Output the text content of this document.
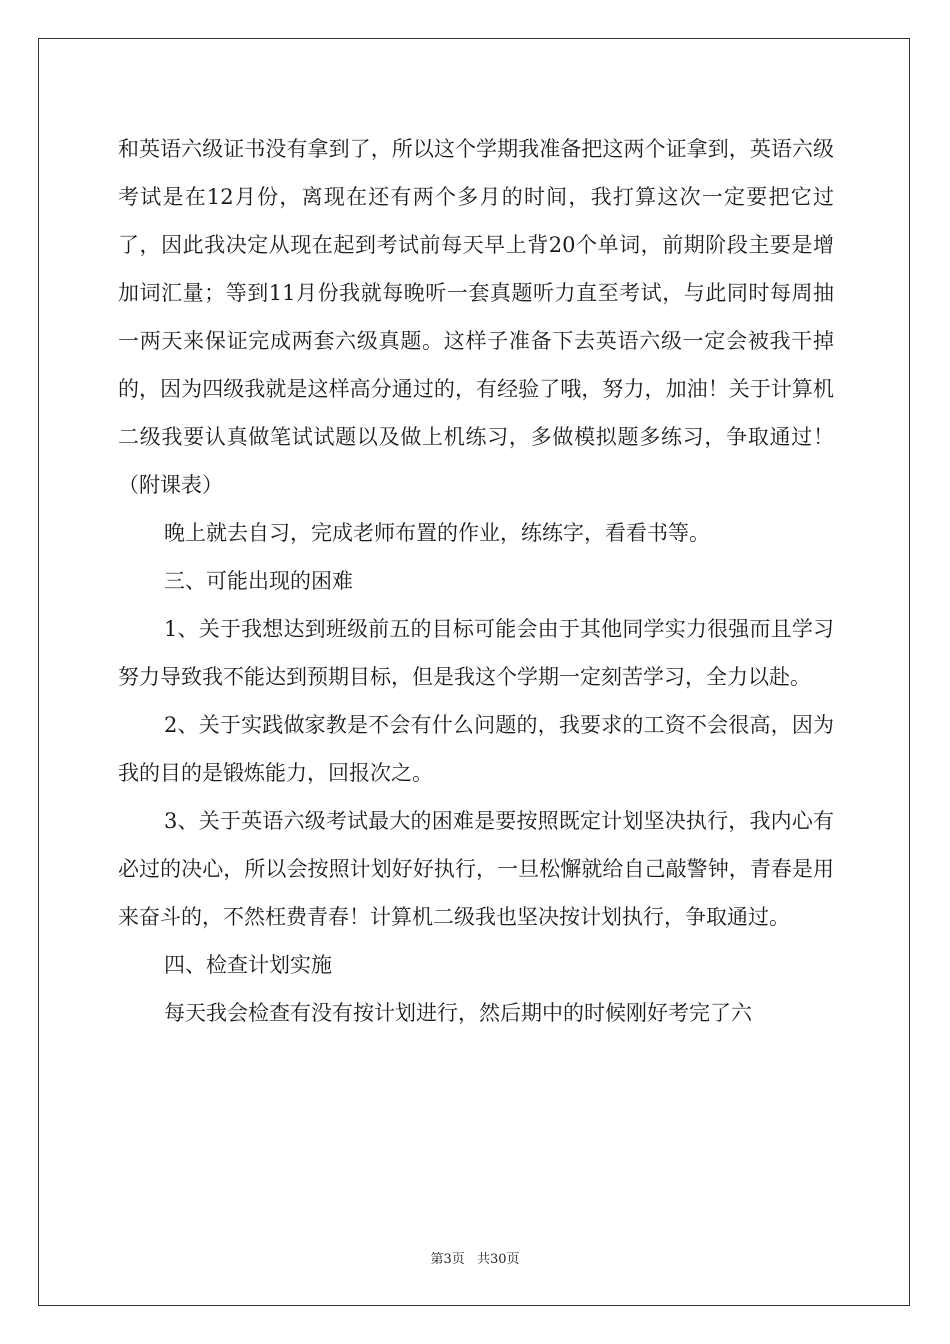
和英语六级证书没有拿到了，所以这个学期我准备把这两个证拿到，英语六级考试是在12月份，离现在还有两个多月的时间，我打算这次一定要把它过了，因此我决定从现在起到考试前每天早上背20个单词，前期阶段主要是增加词汇量；等到11月份我就每晚听一套真题听力直至考试，与此同时每周抽一两天来保证完成两套六级真题。这样子准备下去英语六级一定会被我干掉的，因为四级我就是这样高分通过的，有经验了哦，努力，加油！关于计算机二级我要认真做笔试试题以及做上机练习，多做模拟题多练习，争取通过！（附课表）

晚上就去自习，完成老师布置的作业，练练字，看看书等。

三、可能出现的困难

1、关于我想达到班级前五的目标可能会由于其他同学实力很强而且学习努力导致我不能达到预期目标，但是我这个学期一定刻苦学习，全力以赴。

2、关于实践做家教是不会有什么问题的，我要求的工资不会很高，因为我的目的是锻炼能力，回报次之。

3、关于英语六级考试最大的困难是要按照既定计划坚决执行，我内心有必过的决心，所以会按照计划好好执行，一旦松懈就给自己敲警钟，青春是用来奋斗的，不然枉费青春！计算机二级我也坚决按计划执行，争取通过。

四、检查计划实施

每天我会检查有没有按计划进行，然后期中的时候刚好考完了六

第3页 共30页
